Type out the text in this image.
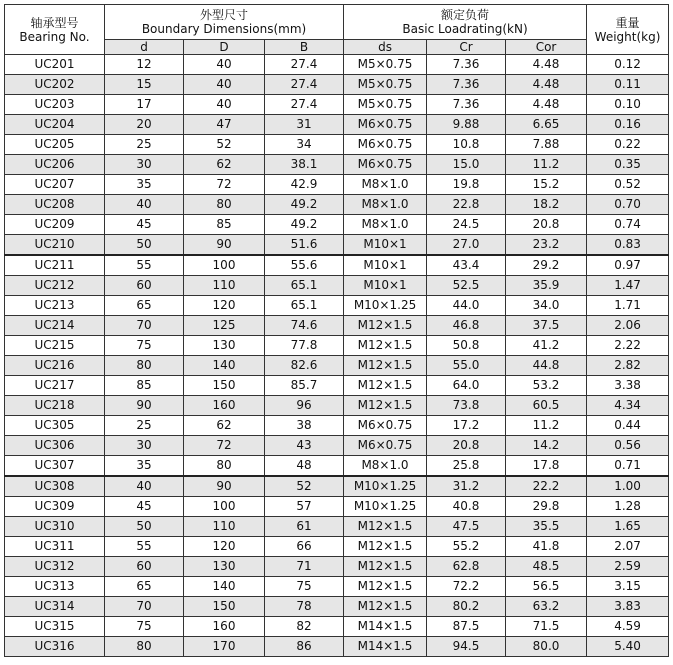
轴承型号
Bearing No.	外型尺寸
Boundary Dimensions(mm)			额定负荷
Basic Loadrating(kN)			重量
Weight(kg)

	d	D	B	ds	Cr	Cor	
UC201	12	40	27.4	M5×0.75	7.36	4.48	0.12
UC202	15	40	27.4	M5×0.75	7.36	4.48	0.11
UC203	17	40	27.4	M5×0.75	7.36	4.48	0.10
UC204	20	47	31	M6×0.75	9.88	6.65	0.16
UC205	25	52	34	M6×0.75	10.8	7.88	0.22
UC206	30	62	38.1	M6×0.75	15.0	11.2	0.35
UC207	35	72	42.9	M8×1.0	19.8	15.2	0.52
UC208	40	80	49.2	M8×1.0	22.8	18.2	0.70
UC209	45	85	49.2	M8×1.0	24.5	20.8	0.74
UC210	50	90	51.6	M10×1	27.0	23.2	0.83
UC211	55	100	55.6	M10×1	43.4	29.2	0.97
UC212	60	110	65.1	M10×1	52.5	35.9	1.47
UC213	65	120	65.1	M10×1.25	44.0	34.0	1.71
UC214	70	125	74.6	M12×1.5	46.8	37.5	2.06
UC215	75	130	77.8	M12×1.5	50.8	41.2	2.22
UC216	80	140	82.6	M12×1.5	55.0	44.8	2.82
UC217	85	150	85.7	M12×1.5	64.0	53.2	3.38
UC218	90	160	96	M12×1.5	73.8	60.5	4.34
UC305	25	62	38	M6×0.75	17.2	11.2	0.44
UC306	30	72	43	M6×0.75	20.8	14.2	0.56
UC307	35	80	48	M8×1.0	25.8	17.8	0.71
UC308	40	90	52	M10×1.25	31.2	22.2	1.00
UC309	45	100	57	M10×1.25	40.8	29.8	1.28
UC310	50	110	61	M12×1.5	47.5	35.5	1.65
UC311	55	120	66	M12×1.5	55.2	41.8	2.07
UC312	60	130	71	M12×1.5	62.8	48.5	2.59
UC313	65	140	75	M12×1.5	72.2	56.5	3.15
UC314	70	150	78	M12×1.5	80.2	63.2	3.83
UC315	75	160	82	M14×1.5	87.5	71.5	4.59
UC316	80	170	86	M14×1.5	94.5	80.0	5.40
